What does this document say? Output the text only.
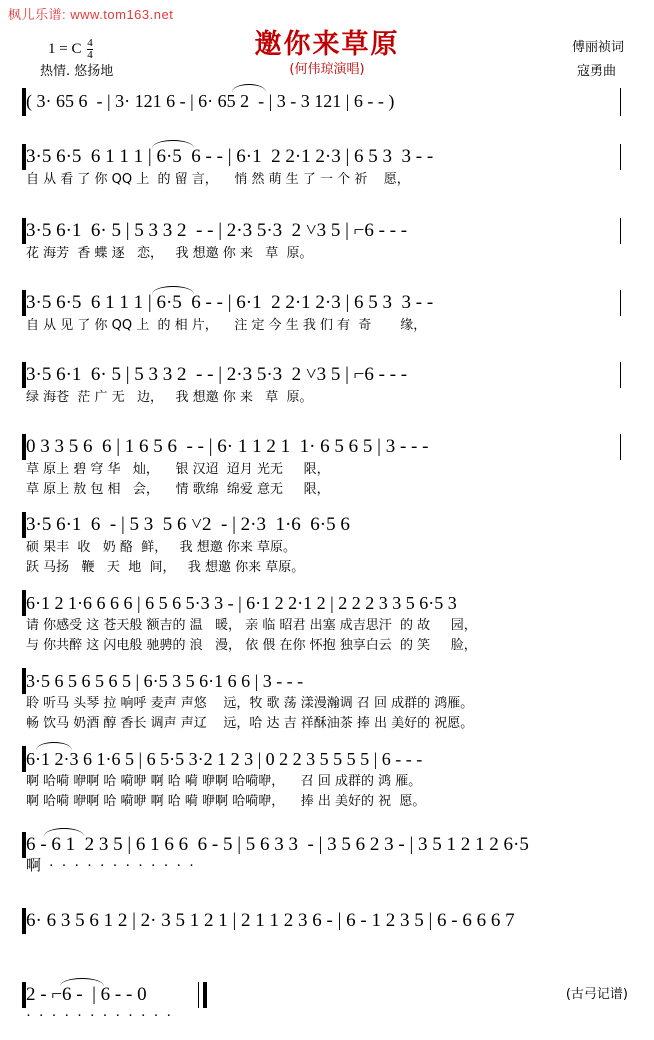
枫儿乐谱: www.tom163.net
邀你来草原
(何伟琼演唱)
1 = C $\frac{4}{4}$
热情. 悠扬地
傅丽祯词
寇勇曲
(古弓记谱)
( 3· 65 6  - | 3· 121 6 - | 6· 65 2  - | 3 - 3 121 | 6 - - )
3·5 6·5  6 1 1 1 | 6·5  6 - - | 6·1  2 2·1 2·3 | 6 5 3  3 - -
自 从 看 了 你 QQ 上  的 留 言，    悄 然 萌 生 了 一 个 祈    愿，
3·5 6·1  6· 5 | 5 3 3 2  - - | 2·3 5·3  2 ˅3 5 | ⌐6 - - -
花 海芳  香 蝶 逐   恋，   我 想邀 你 来   草  原。
3·5 6·5  6 1 1 1 | 6·5  6 - - | 6·1  2 2·1 2·3 | 6 5 3  3 - -
自 从 见 了 你 QQ 上  的 相 片，    注 定 今 生 我 们 有  奇       缘，
3·5 6·1  6· 5 | 5 3 3 2  - - | 2·3 5·3  2 ˅3 5 | ⌐6 - - -
绿 海苍  茫 广 无   边，   我 想邀 你 来   草  原。
0 3 3 5 6  6 | 1 6 5 6  - - | 6· 1 1 2 1  1· 6 5 6 5 | 3 - - -
草 原上 碧 穹 华   灿，    银 汉迢  迢月 光无     限，
草 原上 敖 包 相   会，    情 歌绵  绵爱 意无     限，
3·5 6·1  6  - | 5 3  5 6 ˅2  - | 2·3  1·6  6·5 6
硕 果丰  收   奶 酪  鲜，   我 想邀 你来 草原。
跃 马扬   鞭   天  地  间，   我 想邀 你来 草原。
6·1 2 1·6 6 6 6 | 6 5 6 5·3 3 - | 6·1 2 2·1 2 | 2 2 2 3 3 5 6·5 3
请 你感受 这 苍天般 额吉的 温   暖， 亲 临 昭君 出塞 成吉思汗  的 故     园，
与 你共醉 这 闪电般 驰骋的 浪   漫， 依 偎 在你 怀抱 独享白云  的 笑     脸，
3·5 6 5 6 5 6 5 | 6·5 3 5 6·1 6 6 | 3 - - -
聆 听马 头琴 拉 响呼 麦声 声悠    远，牧 歌 荡 漾漫瀚调 召 回 成群的 鸿雁。
畅 饮马 奶酒 醇 香长 调声 声辽    远，哈 达 吉 祥酥油茶 捧 出 美好的 祝愿。
6·1 2·3 6 1·6 5 | 6 5·5 3·2 1 2 3 | 0 2 2 3 5 5 5 5 | 6 - - -
啊 哈嗬 咿啊 哈 嗬咿 啊 哈 嗬 咿啊 哈嗬咿，    召 回 成群的 鸿 雁。
啊 哈嗬 咿啊 哈 嗬咿 啊 哈 嗬 咿啊 哈嗬咿，    捧 出 美好的 祝  愿。
6 - 6 1  2 3 5 | 6 1 6 6  6 - 5 | 5 6 3 3  - | 3 5 6 2 3 - | 3 5 1 2 1 2 6·5
啊 · · · · · · · · · · · ·
6· 6 3 5 6 1 2 | 2· 3 5 1 2 1 | 2 1 1 2 3 6 - | 6 - 1 2 3 5 | 6 - 6 6 6 7
2 - ⌐6 -  | 6 - - 0
· · · · · · · · · · · ·
